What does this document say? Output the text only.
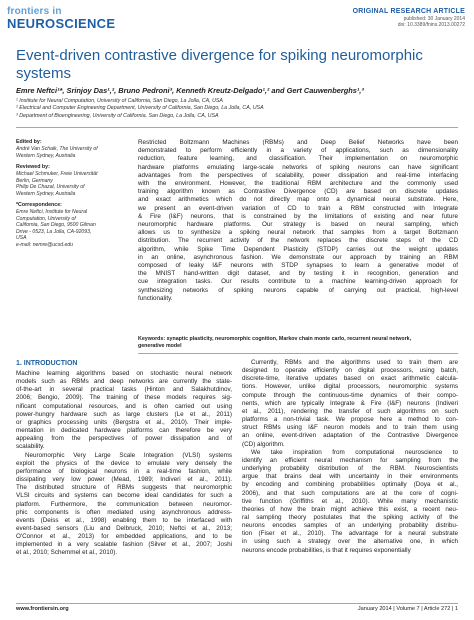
frontiers in
NEUROSCIENCE
ORIGINAL RESEARCH ARTICLE
published: 30 January 2014
doi: 10.3389/fnins.2013.00272
Event-driven contrastive divergence for spiking neuromorphic systems
Emre Neftci¹*, Srinjoy Das¹,², Bruno Pedroni³, Kenneth Kreutz-Delgado¹,² and Gert Cauwenberghs¹,³
¹ Institute for Neural Computation, University of California, San Diego, La Jolla, CA, USA
² Electrical and Computer Engineering Department, University of California, San Diego, La Jolla, CA, USA
³ Department of Bioengineering, University of California, San Diego, La Jolla, CA, USA
Edited by:
André Van Schaik, The University of
Western Sydney, Australia
Reviewed by:
Michael Schmuker, Freie Universität
Berlin, Germany
Philip De Chazal, University of
Western Sydney, Australia
*Correspondence:
Emre Neftci, Institute for Neural
Computation, University of
California, San Diego, 9500 Gilman
Drive - 0523, La Jolla, CA-92093,
USA
e-mail: nemre@ucsd.edu
Restricted Boltzmann Machines (RBMs) and Deep Belief Networks have been
demonstrated to perform efficiently in a variety of applications, such as dimensionality
reduction, feature learning, and classification. Their implementation on neuromorphic
hardware platforms emulating large-scale networks of spiking neurons can have significant
advantages from the perspectives of scalability, power dissipation and real-time interfacing
with the environment. However, the traditional RBM architecture and the commonly used
training algorithm known as Contrastive Divergence (CD) are based on discrete updates
and exact arithmetics which do not directly map onto a dynamical neural substrate. Here,
we present an event-driven variation of CD to train a RBM constructed with Integrate
& Fire (I&F) neurons, that is constrained by the limitations of existing and near future
neuromorphic hardware platforms. Our strategy is based on neural sampling, which
allows us to synthesize a spiking neural network that samples from a target Boltzmann
distribution. The recurrent activity of the network replaces the discrete steps of the CD
algorithm, while Spike Time Dependent Plasticity (STDP) carries out the weight updates
in an online, asynchronous fashion. We demonstrate our approach by training an RBM
composed of leaky I&F neurons with STDP synapses to learn a generative model of
the MNIST hand-written digit dataset, and by testing it in recognition, generation and
cue integration tasks. Our results contribute to a machine learning-driven approach for
synthesizing networks of spiking neurons capable of carrying out practical, high-level
functionality.
Keywords: synaptic plasticity, neuromorphic cognition, Markov chain monte carlo, recurrent neural network,
generative model
1. INTRODUCTION
Machine learning algorithms based on stochastic neural network
models such as RBMs and deep networks are currently the state-
of-the-art in several practical tasks (Hinton and Salakhutdinov,
2006; Bengio, 2009). The training of these models requires sig-
nificant computational resources, and is often carried out using
power-hungry hardware such as large clusters (Le et al., 2011)
or graphics processing units (Bergstra et al., 2010). Their imple-
mentation in dedicated hardware platforms can therefore be very
appealing from the perspectives of power dissipation and of
scalability.
Neuromorphic Very Large Scale Integration (VLSI) systems
exploit the physics of the device to emulate very densely the
performance of biological neurons in a real-time fashion, while
dissipating very low power (Mead, 1989; Indiveri et al., 2011).
The distributed structure of RBMs suggests that neuromorphic
VLSI circuits and systems can become ideal candidates for such a
platform. Furthermore, the communication between neuromor-
phic components is often mediated using asynchronous address-
events (Deiss et al., 1998) enabling them to be interfaced with
event-based sensors (Liu and Delbruck, 2010; Neftci et al., 2013;
O'Connor et al., 2013) for embedded applications, and to be
implemented in a very scalable fashion (Silver et al., 2007; Joshi
et al., 2010; Schemmel et al., 2010).
Currently, RBMs and the algorithms used to train them are
designed to operate efficiently on digital processors, using batch,
discrete-time, iterative updates based on exact arithmetic calcula-
tions. However, unlike digital processors, neuromorphic systems
compute through the continuous-time dynamics of their compo-
nents, which are typically Integrate & Fire (I&F) neurons (Indiveri
et al., 2011), rendering the transfer of such algorithms on such
platforms a non-trivial task. We propose here a method to con-
struct RBMs using I&F neuron models and to train them using
an online, event-driven adaptation of the Contrastive Divergence
(CD) algorithm.
We take inspiration from computational neuroscience to
identify an efficient neural mechanism for sampling from the
underlying probability distribution of the RBM. Neuroscientists
argue that brains deal with uncertainty in their environments
by encoding and combining probabilities optimally (Doya et al.,
2006), and that such computations are at the core of cogni-
tive function (Griffiths et al., 2010). While many mechanistic
theories of how the brain might achieve this exist, a recent neu-
ral sampling theory postulates that the spiking activity of the
neurons encodes samples of an underlying probability distribu-
tion (Fiser et al., 2010). The advantage for a neural substrate
in using such a strategy over the alternative one, in which
neurons encode probabilities, is that it requires exponentially
www.frontiersin.org	January 2014 | Volume 7 | Article 272 | 1
